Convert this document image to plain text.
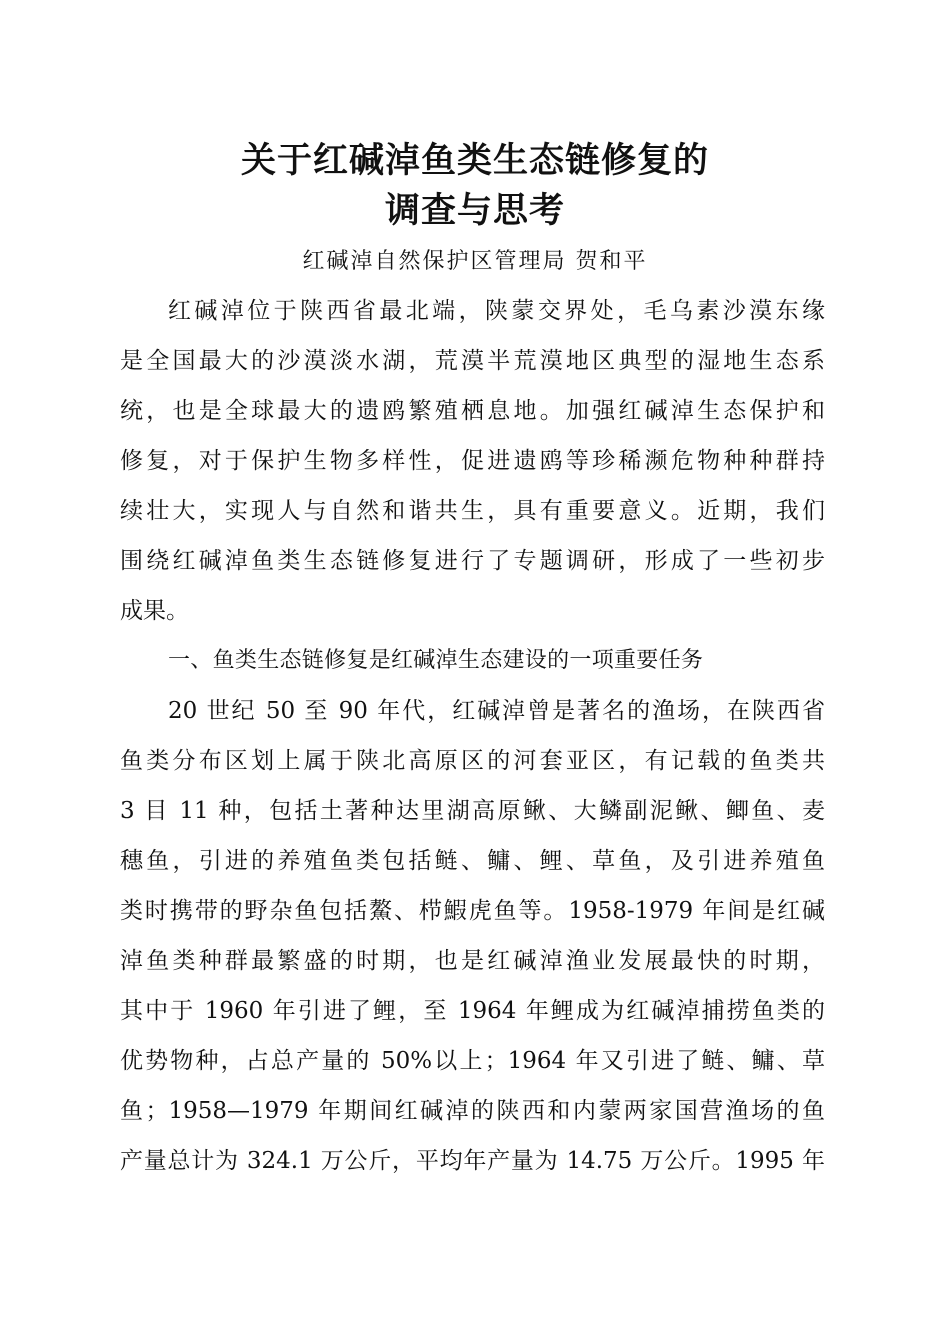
关于红碱淖鱼类生态链修复的
调查与思考
红碱淖自然保护区管理局 贺和平
红碱淖位于陕西省最北端，陕蒙交界处，毛乌素沙漠东缘
是全国最大的沙漠淡水湖，荒漠半荒漠地区典型的湿地生态系
统，也是全球最大的遗鸥繁殖栖息地。加强红碱淖生态保护和
修复，对于保护生物多样性，促进遗鸥等珍稀濒危物种种群持
续壮大，实现人与自然和谐共生，具有重要意义。近期，我们
围绕红碱淖鱼类生态链修复进行了专题调研，形成了一些初步
成果。
一、鱼类生态链修复是红碱淖生态建设的一项重要任务
20 世纪 50 至 90 年代，红碱淖曾是著名的渔场，在陕西省
鱼类分布区划上属于陕北高原区的河套亚区，有记载的鱼类共
3 目 11 种，包括土著种达里湖高原鳅、大鳞副泥鳅、鲫鱼、麦
穗鱼，引进的养殖鱼类包括鲢、鳙、鲤、草鱼，及引进养殖鱼
类时携带的野杂鱼包括鰲、栉鰕虎鱼等。1958-1979 年间是红碱
淖鱼类种群最繁盛的时期，也是红碱淖渔业发展最快的时期，
其中于 1960 年引进了鲤，至 1964 年鲤成为红碱淖捕捞鱼类的
优势物种，占总产量的 50%以上；1964 年又引进了鲢、鳙、草
鱼；1958—1979 年期间红碱淖的陕西和内蒙两家国营渔场的鱼
产量总计为 324.1 万公斤，平均年产量为 14.75 万公斤。1995 年
